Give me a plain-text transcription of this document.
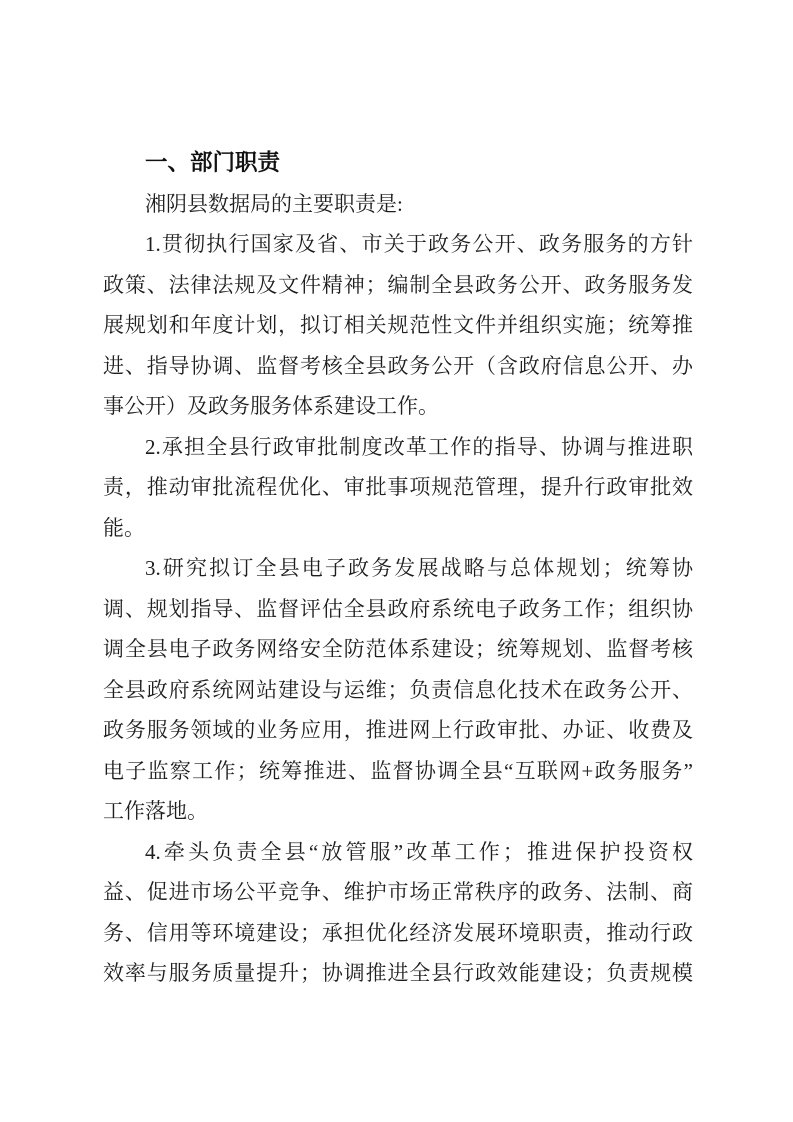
一、部门职责
湘阴县数据局的主要职责是:
1.贯彻执行国家及省、市关于政务公开、政务服务的方针
政策、法律法规及文件精神；编制全县政务公开、政务服务发
展规划和年度计划，拟订相关规范性文件并组织实施；统筹推
进、指导协调、监督考核全县政务公开（含政府信息公开、办
事公开）及政务服务体系建设工作。
2.承担全县行政审批制度改革工作的指导、协调与推进职
责，推动审批流程优化、审批事项规范管理，提升行政审批效
能。
3.研究拟订全县电子政务发展战略与总体规划；统筹协
调、规划指导、监督评估全县政府系统电子政务工作；组织协
调全县电子政务网络安全防范体系建设；统筹规划、监督考核
全县政府系统网站建设与运维；负责信息化技术在政务公开、
政务服务领域的业务应用，推进网上行政审批、办证、收费及
电子监察工作；统筹推进、监督协调全县“互联网+政务服务”
工作落地。
4.牵头负责全县“放管服”改革工作；推进保护投资权
益、促进市场公平竞争、维护市场正常秩序的政务、法制、商
务、信用等环境建设；承担优化经济发展环境职责，推动行政
效率与服务质量提升；协调推进全县行政效能建设；负责规模
